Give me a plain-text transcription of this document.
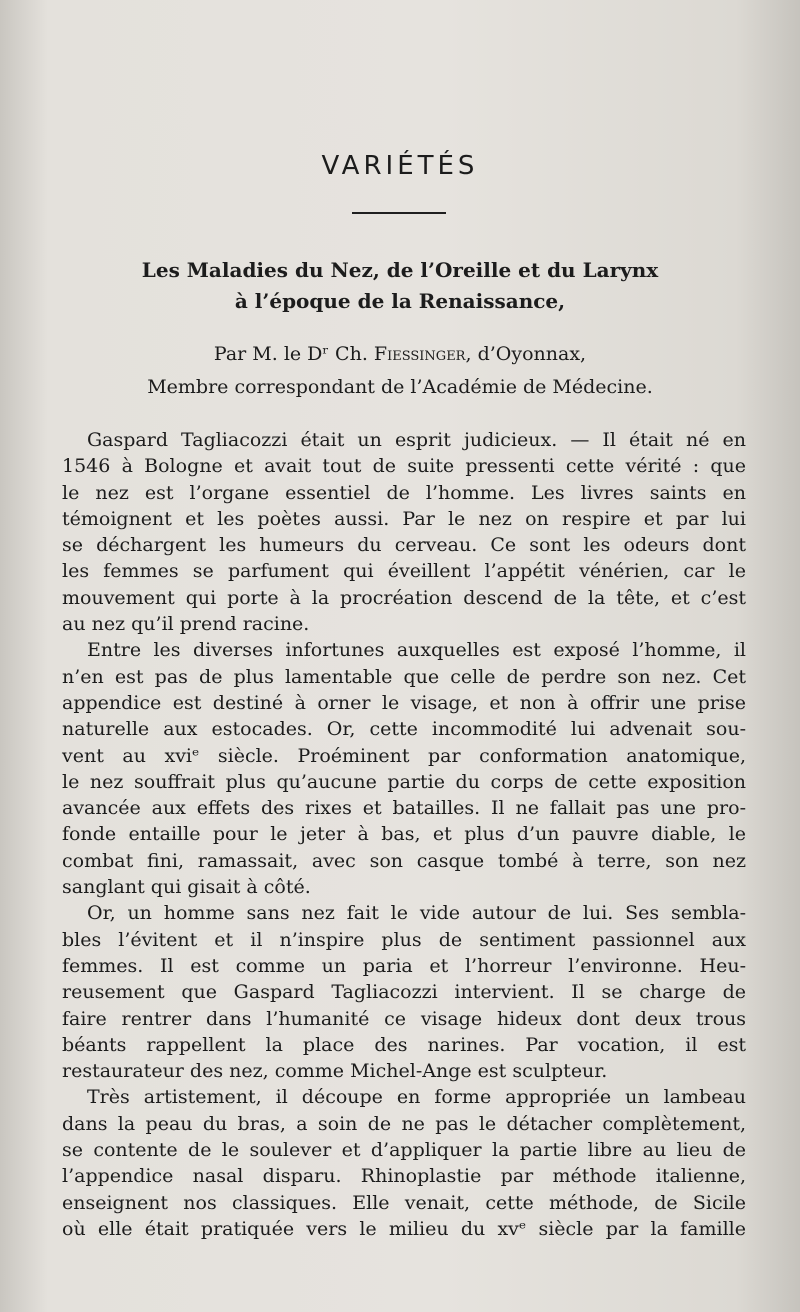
VARIÉTÉS
Les Maladies du Nez, de l’Oreille et du Larynx
à l’époque de la Renaissance,
Par M. le Dʳ Ch. Fiessinger, d’Oyonnax,
Membre correspondant de l’Académie de Médecine.
Gaspard Tagliacozzi était un esprit judicieux. — Il était né en
1546 à Bologne et avait tout de suite pressenti cette vérité : que
le nez est l’organe essentiel de l’homme. Les livres saints en
témoignent et les poètes aussi. Par le nez on respire et par lui
se déchargent les humeurs du cerveau. Ce sont les odeurs dont
les femmes se parfument qui éveillent l’appétit vénérien, car le
mouvement qui porte à la procréation descend de la tête, et c’est
au nez qu’il prend racine.
Entre les diverses infortunes auxquelles est exposé l’homme, il
n’en est pas de plus lamentable que celle de perdre son nez. Cet
appendice est destiné à orner le visage, et non à offrir une prise
naturelle aux estocades. Or, cette incommodité lui advenait sou-
vent au xviᵉ siècle. Proéminent par conformation anatomique,
le nez souffrait plus qu’aucune partie du corps de cette exposition
avancée aux effets des rixes et batailles. Il ne fallait pas une pro-
fonde entaille pour le jeter à bas, et plus d’un pauvre diable, le
combat fini, ramassait, avec son casque tombé à terre, son nez
sanglant qui gisait à côté.
Or, un homme sans nez fait le vide autour de lui. Ses sembla-
bles l’évitent et il n’inspire plus de sentiment passionnel aux
femmes. Il est comme un paria et l’horreur l’environne. Heu-
reusement que Gaspard Tagliacozzi intervient. Il se charge de
faire rentrer dans l’humanité ce visage hideux dont deux trous
béants rappellent la place des narines. Par vocation, il est
restaurateur des nez, comme Michel-Ange est sculpteur.
Très artistement, il découpe en forme appropriée un lambeau
dans la peau du bras, a soin de ne pas le détacher complètement,
se contente de le soulever et d’appliquer la partie libre au lieu de
l’appendice nasal disparu. Rhinoplastie par méthode italienne,
enseignent nos classiques. Elle venait, cette méthode, de Sicile
où elle était pratiquée vers le milieu du xvᵉ siècle par la famille
